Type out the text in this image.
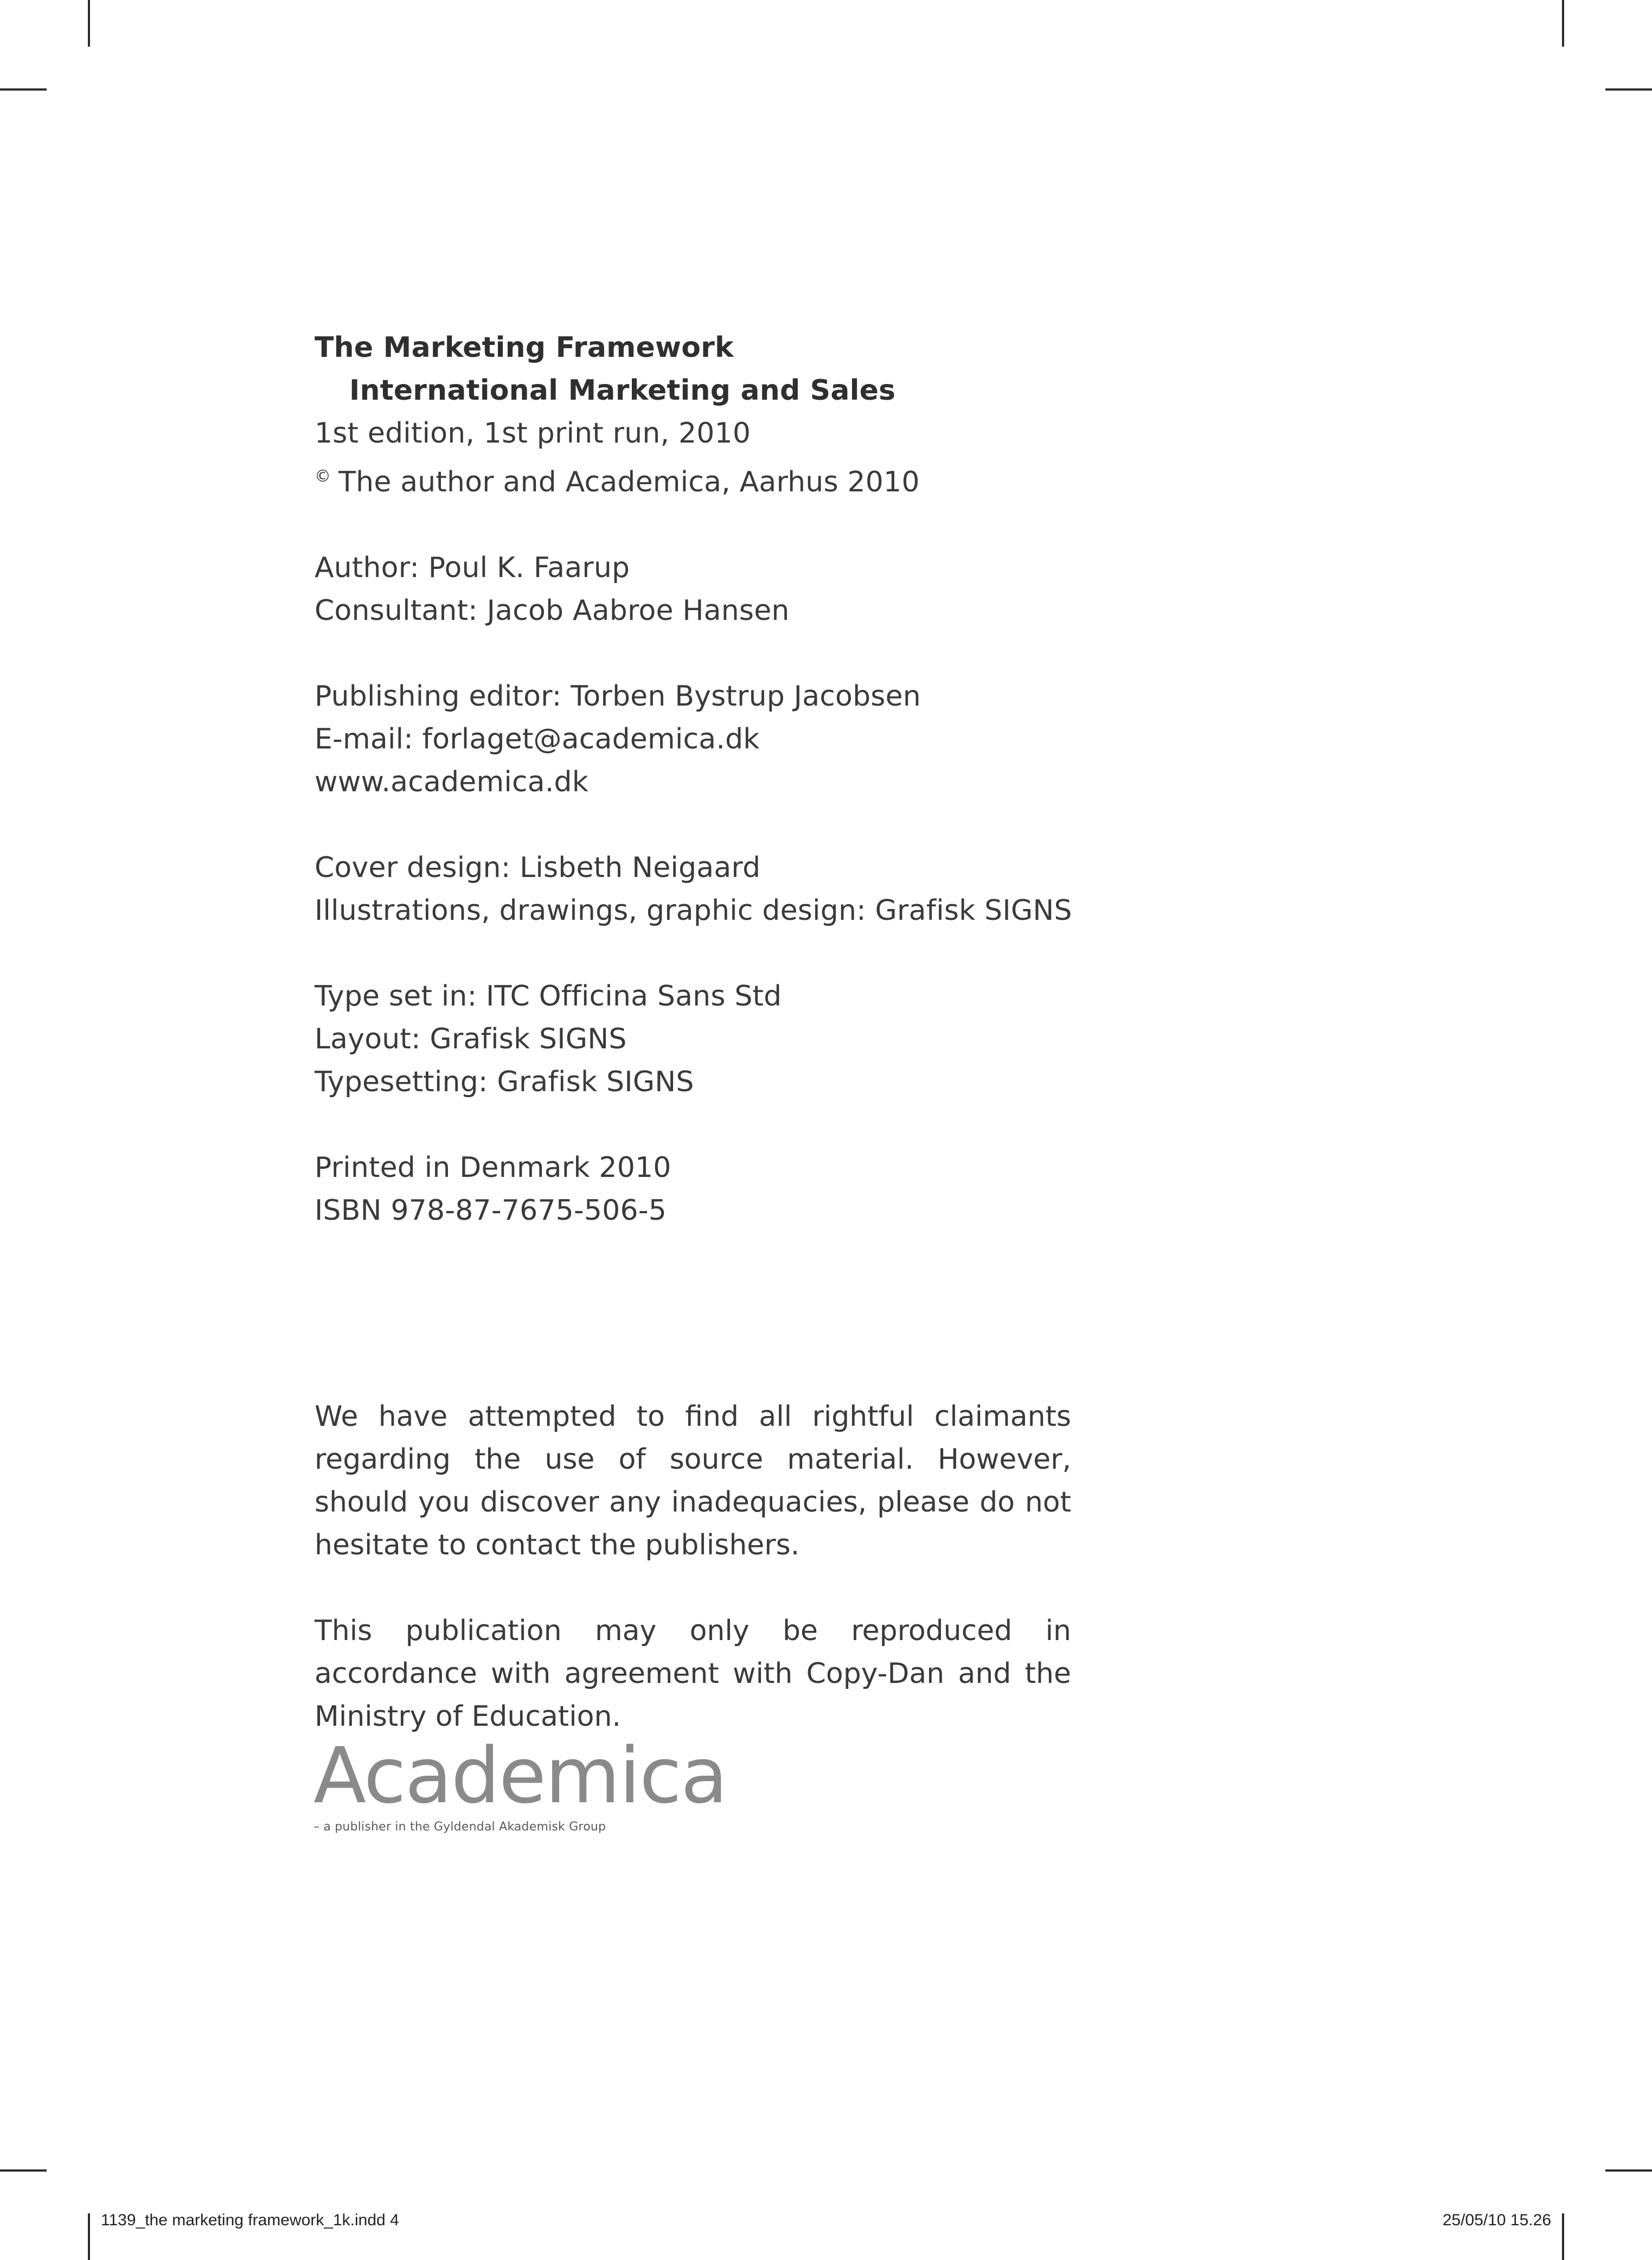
The Marketing Framework
International Marketing and Sales
1st edition, 1st print run, 2010
© The author and Academica, Aarhus 2010
Author: Poul K. Faarup
Consultant: Jacob Aabroe Hansen
Publishing editor: Torben Bystrup Jacobsen
E-mail: forlaget@academica.dk
www.academica.dk
Cover design: Lisbeth Neigaard
Illustrations, drawings, graphic design: Grafisk SIGNS
Type set in: ITC Officina Sans Std
Layout: Grafisk SIGNS
Typesetting: Grafisk SIGNS
Printed in Denmark 2010
ISBN 978-87-7675-506-5
We have attempted to find all rightful claimants regarding the use of source material. However, should you discover any inadequacies, please do not hesitate to contact the publishers.
This publication may only be reproduced in accordance with agreement with Copy-Dan and the Ministry of Education.
Academica
– a publisher in the Gyldendal Akademisk Group
1139_the marketing framework_1k.indd 4	25/05/10 15.26
